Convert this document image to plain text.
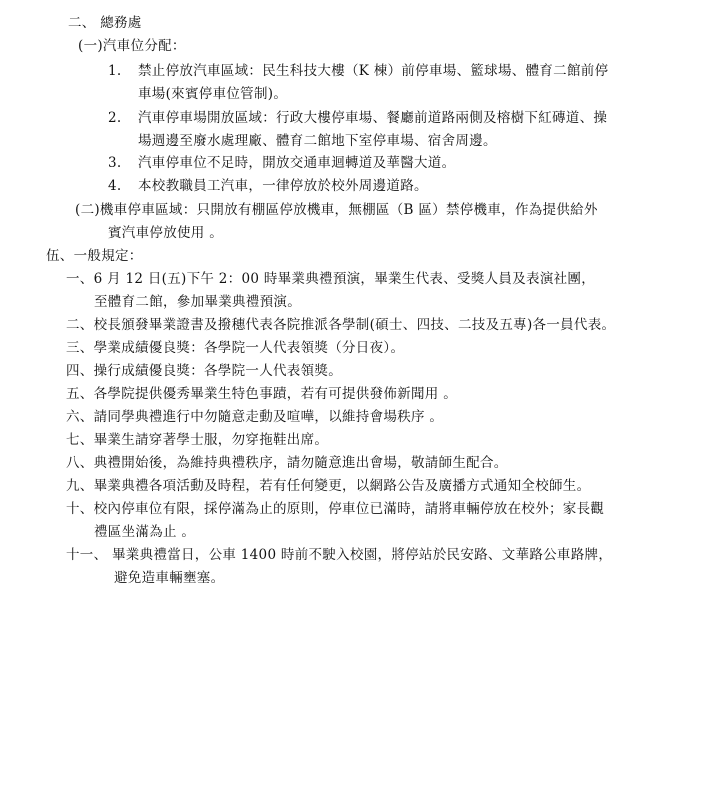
二、 總務處
(一)汽車位分配：
1. 禁止停放汽車區域：民生科技大樓（K 棟）前停車場、籃球場、體育二館前停
車場(來賓停車位管制)。
2. 汽車停車場開放區域：行政大樓停車場、餐廳前道路兩側及榕樹下紅磚道、操
場週邊至廢水處理廠、體育二館地下室停車場、宿舍周邊。
3. 汽車停車位不足時，開放交通車迴轉道及華醫大道。
4. 本校教職員工汽車，一律停放於校外周邊道路。
(二)機車停車區域：只開放有棚區停放機車，無棚區（B 區）禁停機車，作為提供給外
賓汽車停放使用 。
伍、一般規定：
一、6 月 12 日(五)下午 2：00 時畢業典禮預演，畢業生代表、受獎人員及表演社團，
至體育二館，參加畢業典禮預演。
二、校長頒發畢業證書及撥穗代表各院推派各學制(碩士、四技、二技及五專)各一員代表。
三、學業成績優良獎：各學院一人代表領獎（分日夜）。
四、操行成績優良獎：各學院一人代表領獎。
五、各學院提供優秀畢業生特色事蹟，若有可提供發佈新聞用 。
六、請同學典禮進行中勿隨意走動及喧嘩，以維持會場秩序 。
七、畢業生請穿著學士服，勿穿拖鞋出席。
八、典禮開始後，為維持典禮秩序，請勿隨意進出會場，敬請師生配合。
九、畢業典禮各項活動及時程，若有任何變更，以網路公告及廣播方式通知全校師生。
十、校內停車位有限，採停滿為止的原則，停車位已滿時，請將車輛停放在校外；家長觀
禮區坐滿為止 。
十一、 畢業典禮當日，公車 1400 時前不駛入校園，將停站於民安路、文華路公車路牌，
避免造車輛壅塞。
